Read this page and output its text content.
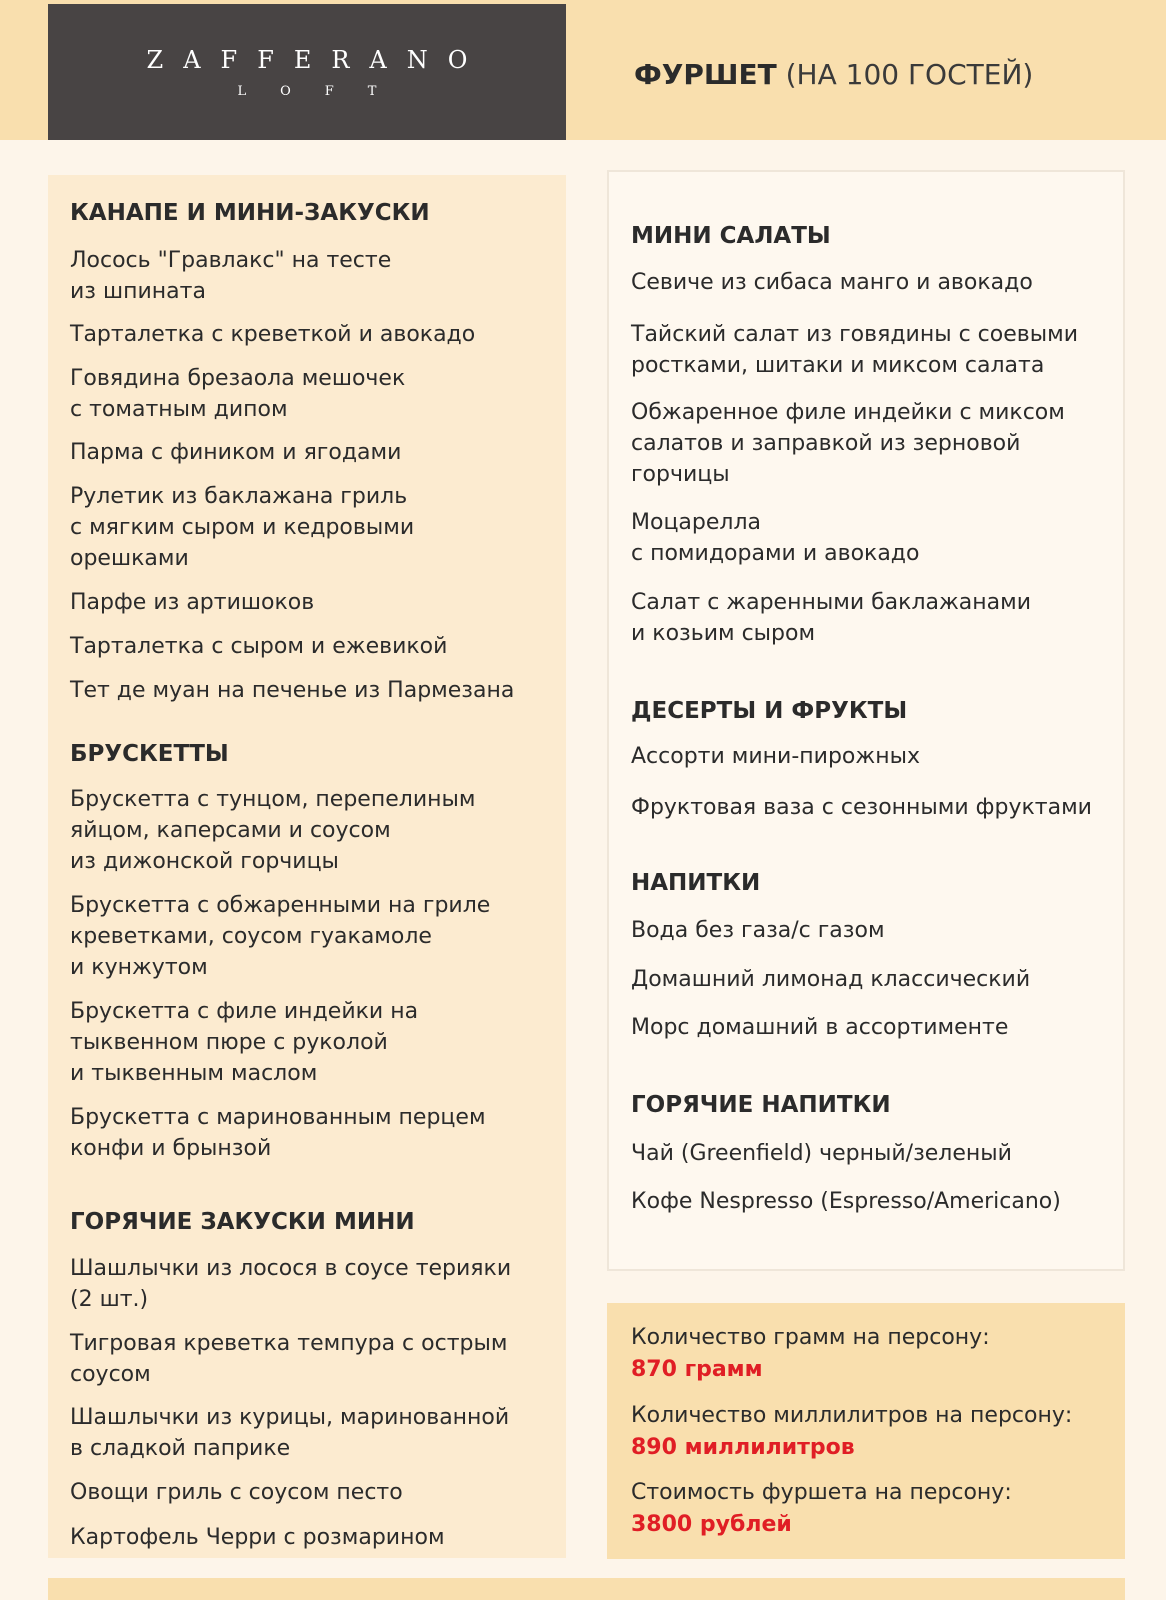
ZAFFERANO
LOFT
ФУРШЕТ (НА 100 ГОСТЕЙ)
КАНАПЕ И МИНИ-ЗАКУСКИ
Лосось "Гравлакс" на тесте
из шпината
Тарталетка с креветкой и авокадо
Говядина брезаола мешочек
с томатным дипом
Парма с фиником и ягодами
Рулетик из баклажана гриль
с мягким сыром и кедровыми
орешками
Парфе из артишоков
Тарталетка с сыром и ежевикой
Тет де муан на печенье из Пармезана
БРУСКЕТТЫ
Брускетта с тунцом, перепелиным
яйцом, каперсами и соусом
из дижонской горчицы
Брускетта с обжаренными на гриле
креветками, соусом гуакамоле
и кунжутом
Брускетта с филе индейки на
тыквенном пюре с руколой
и тыквенным маслом
Брускетта с маринованным перцем
конфи и брынзой
ГОРЯЧИЕ ЗАКУСКИ МИНИ
Шашлычки из лосося в соусе терияки
(2 шт.)
Тигровая креветка темпура с острым
соусом
Шашлычки из курицы, маринованной
в сладкой паприке
Овощи гриль с соусом песто
Картофель Черри с розмарином
МИНИ САЛАТЫ
Севиче из сибаса манго и авокадо
Тайский салат из говядины с соевыми
ростками, шитаки и миксом салата
Обжаренное филе индейки с миксом
салатов и заправкой из зерновой
горчицы
Моцарелла
с помидорами и авокадо
Салат с жаренными баклажанами
и козьим сыром
ДЕСЕРТЫ И ФРУКТЫ
Ассорти мини-пирожных
Фруктовая ваза с сезонными фруктами
НАПИТКИ
Вода без газа/с газом
Домашний лимонад классический
Морс домашний в ассортименте
ГОРЯЧИЕ НАПИТКИ
Чай (Greenfield) черный/зеленый
Кофе Nespresso (Espresso/Americano)
Количество грамм на персону:
870 грамм
Количество миллилитров на персону:
890 миллилитров
Стоимость фуршета на персону:
3800 рублей
